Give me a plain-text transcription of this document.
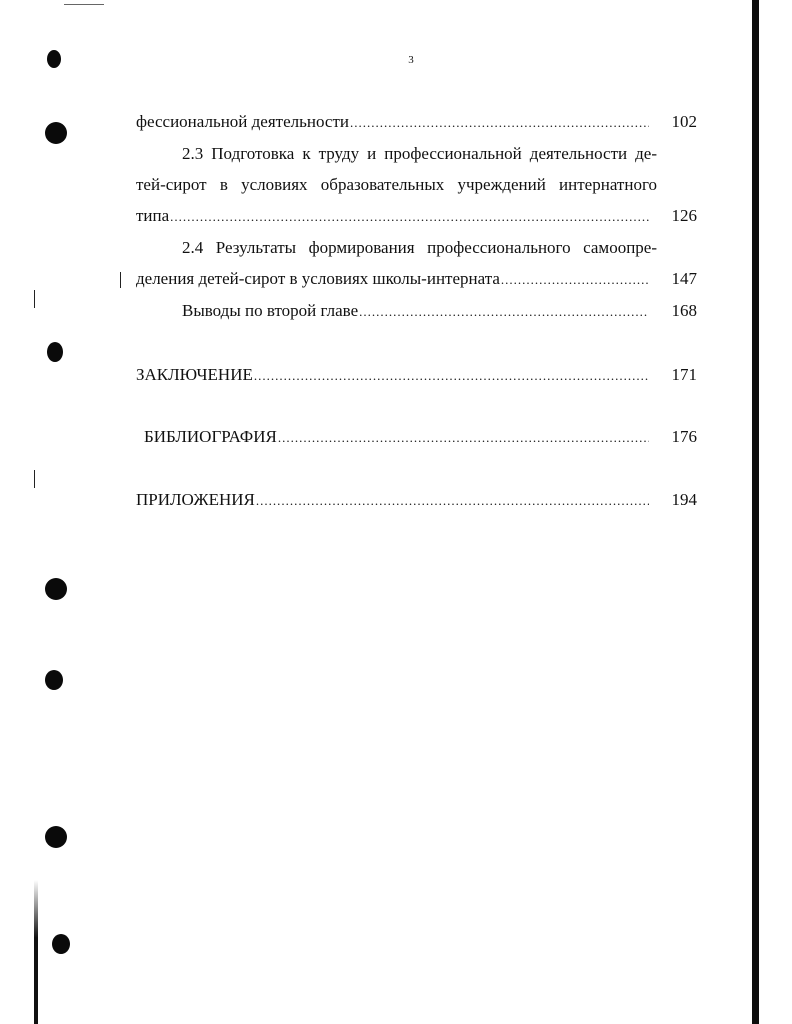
3
фессиональной деятельности .....	102
2.3 Подготовка к труду и профессиональной деятельности де-
тей-сирот в условиях образовательных учреждений интернатного
типа .....	126
2.4 Результаты формирования профессионального самоопре-
деления детей-сирот в условиях школы-интерната .....	147
Выводы по второй главе .....	168
ЗАКЛЮЧЕНИЕ .....	171
БИБЛИОГРАФИЯ .....	176
ПРИЛОЖЕНИЯ .....	194
